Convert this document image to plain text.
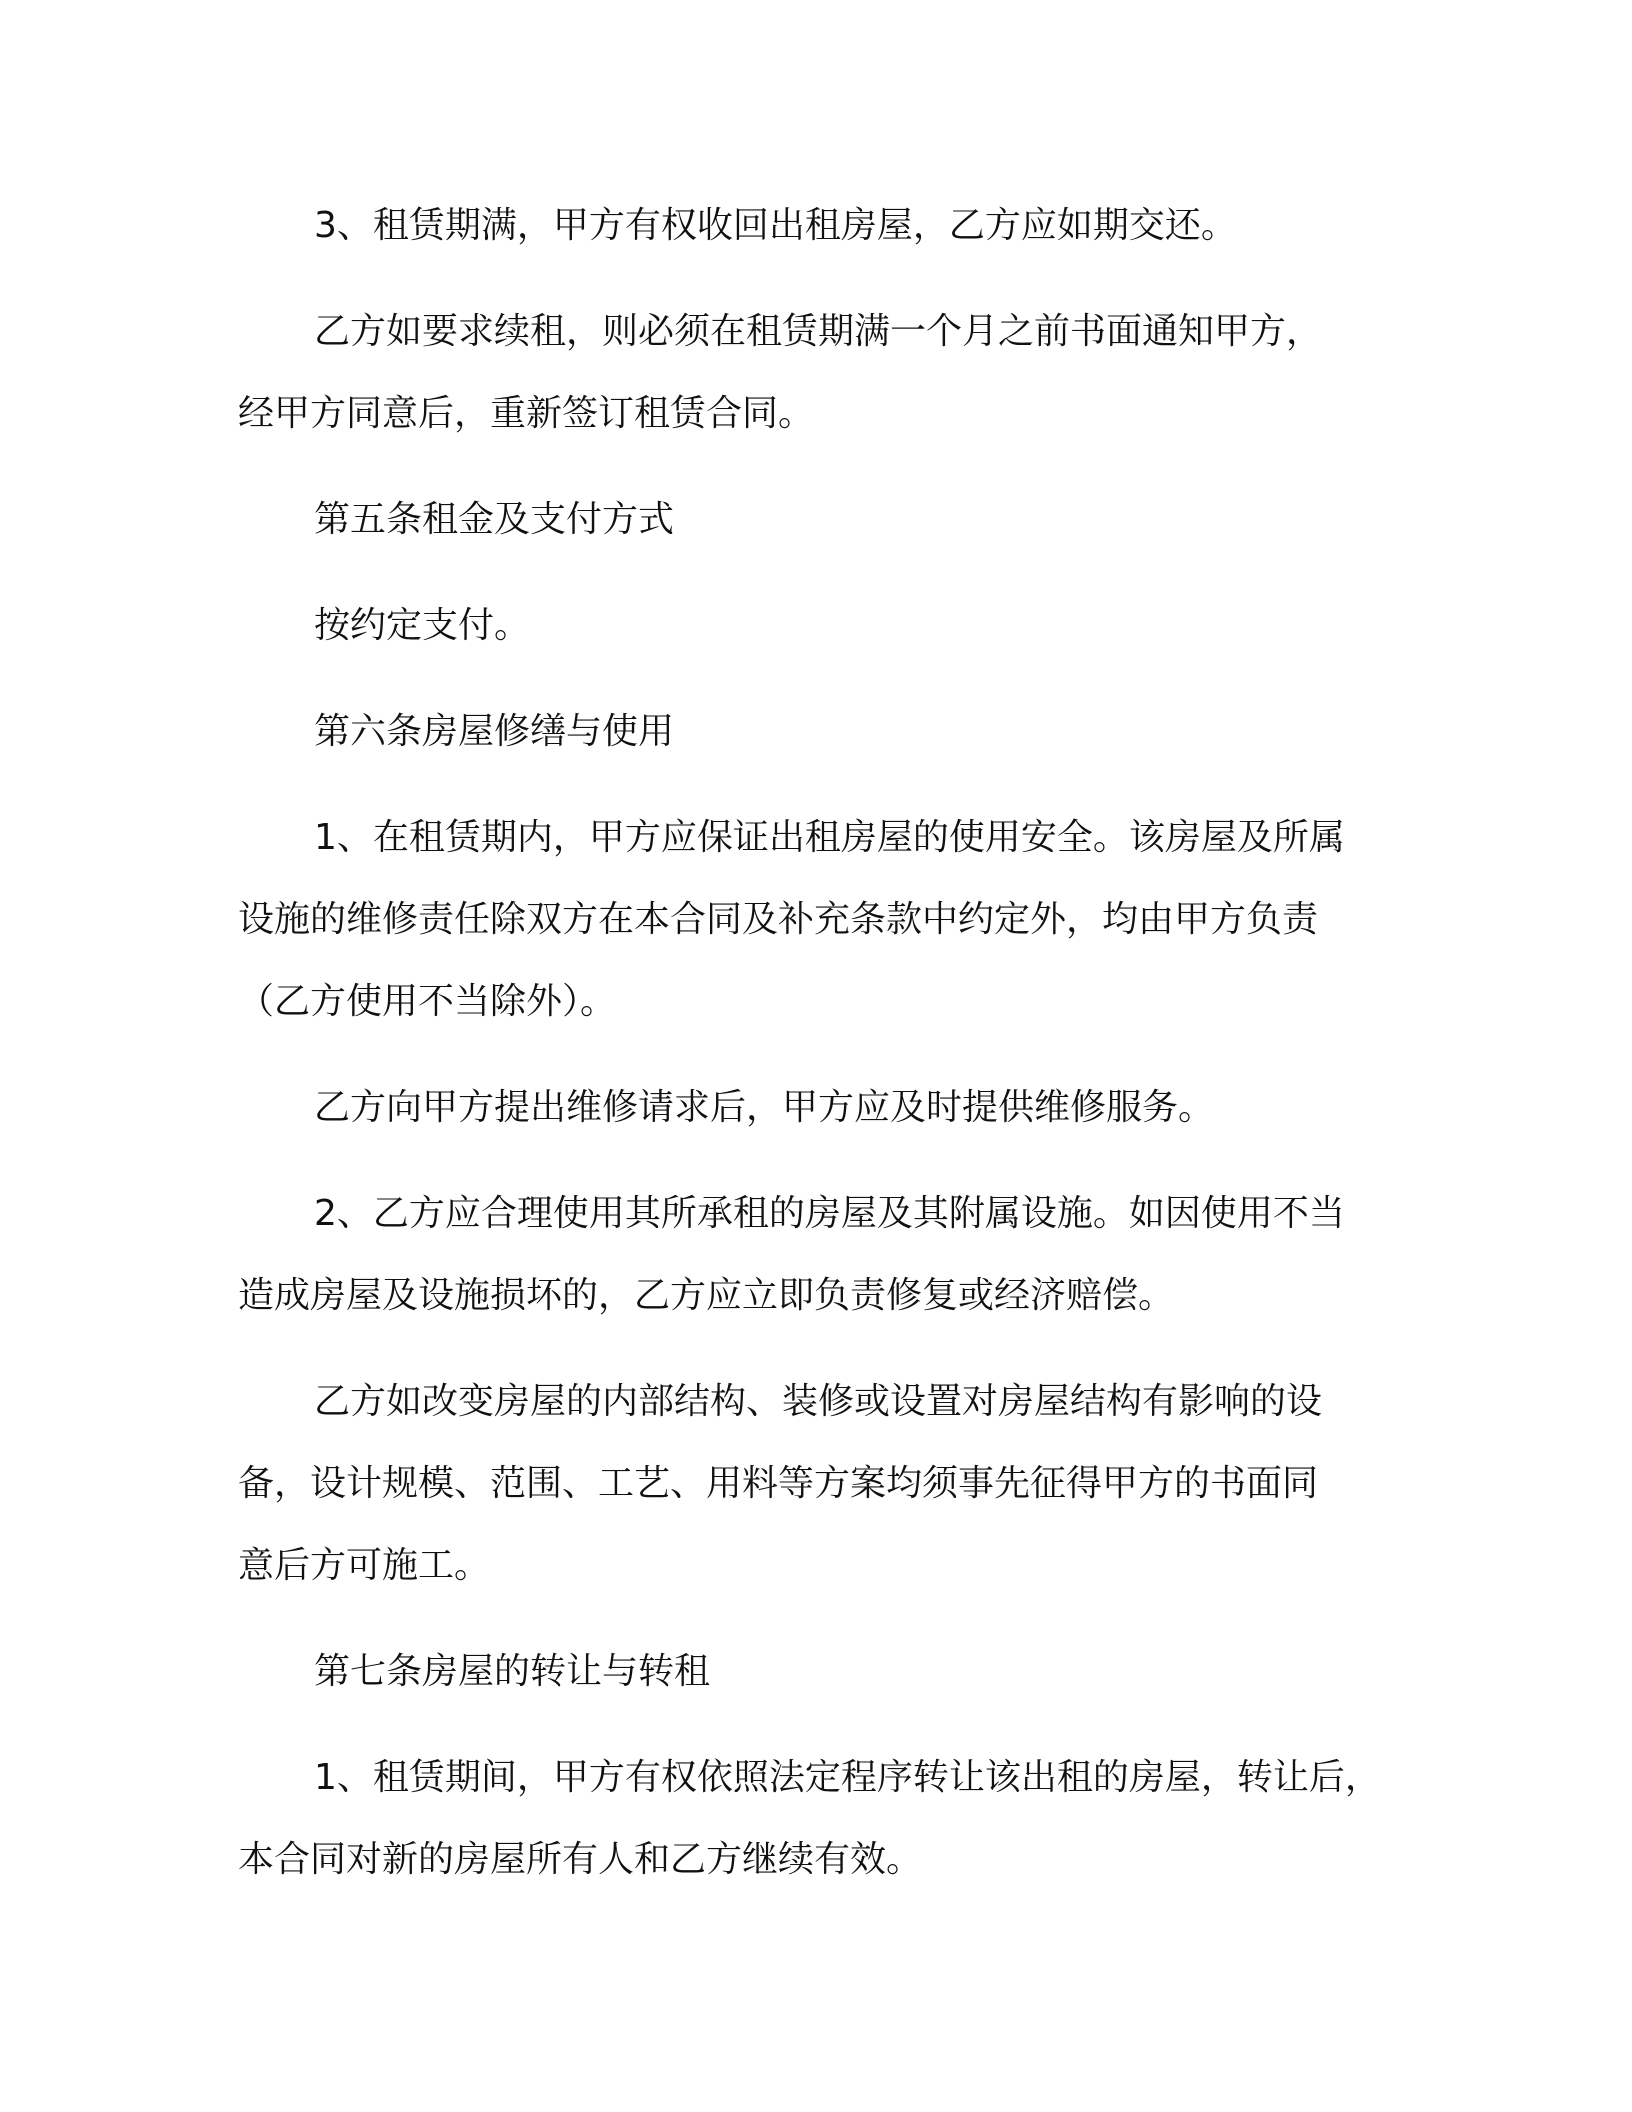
3、租赁期满，甲方有权收回出租房屋，乙方应如期交还。
乙方如要求续租，则必须在租赁期满一个月之前书面通知甲方，
经甲方同意后，重新签订租赁合同。
第五条租金及支付方式
按约定支付。
第六条房屋修缮与使用
1、在租赁期内，甲方应保证出租房屋的使用安全。该房屋及所属
设施的维修责任除双方在本合同及补充条款中约定外，均由甲方负责
（乙方使用不当除外）。
乙方向甲方提出维修请求后，甲方应及时提供维修服务。
2、乙方应合理使用其所承租的房屋及其附属设施。如因使用不当
造成房屋及设施损坏的，乙方应立即负责修复或经济赔偿。
乙方如改变房屋的内部结构、装修或设置对房屋结构有影响的设
备，设计规模、范围、工艺、用料等方案均须事先征得甲方的书面同
意后方可施工。
第七条房屋的转让与转租
1、租赁期间，甲方有权依照法定程序转让该出租的房屋，转让后，
本合同对新的房屋所有人和乙方继续有效。
